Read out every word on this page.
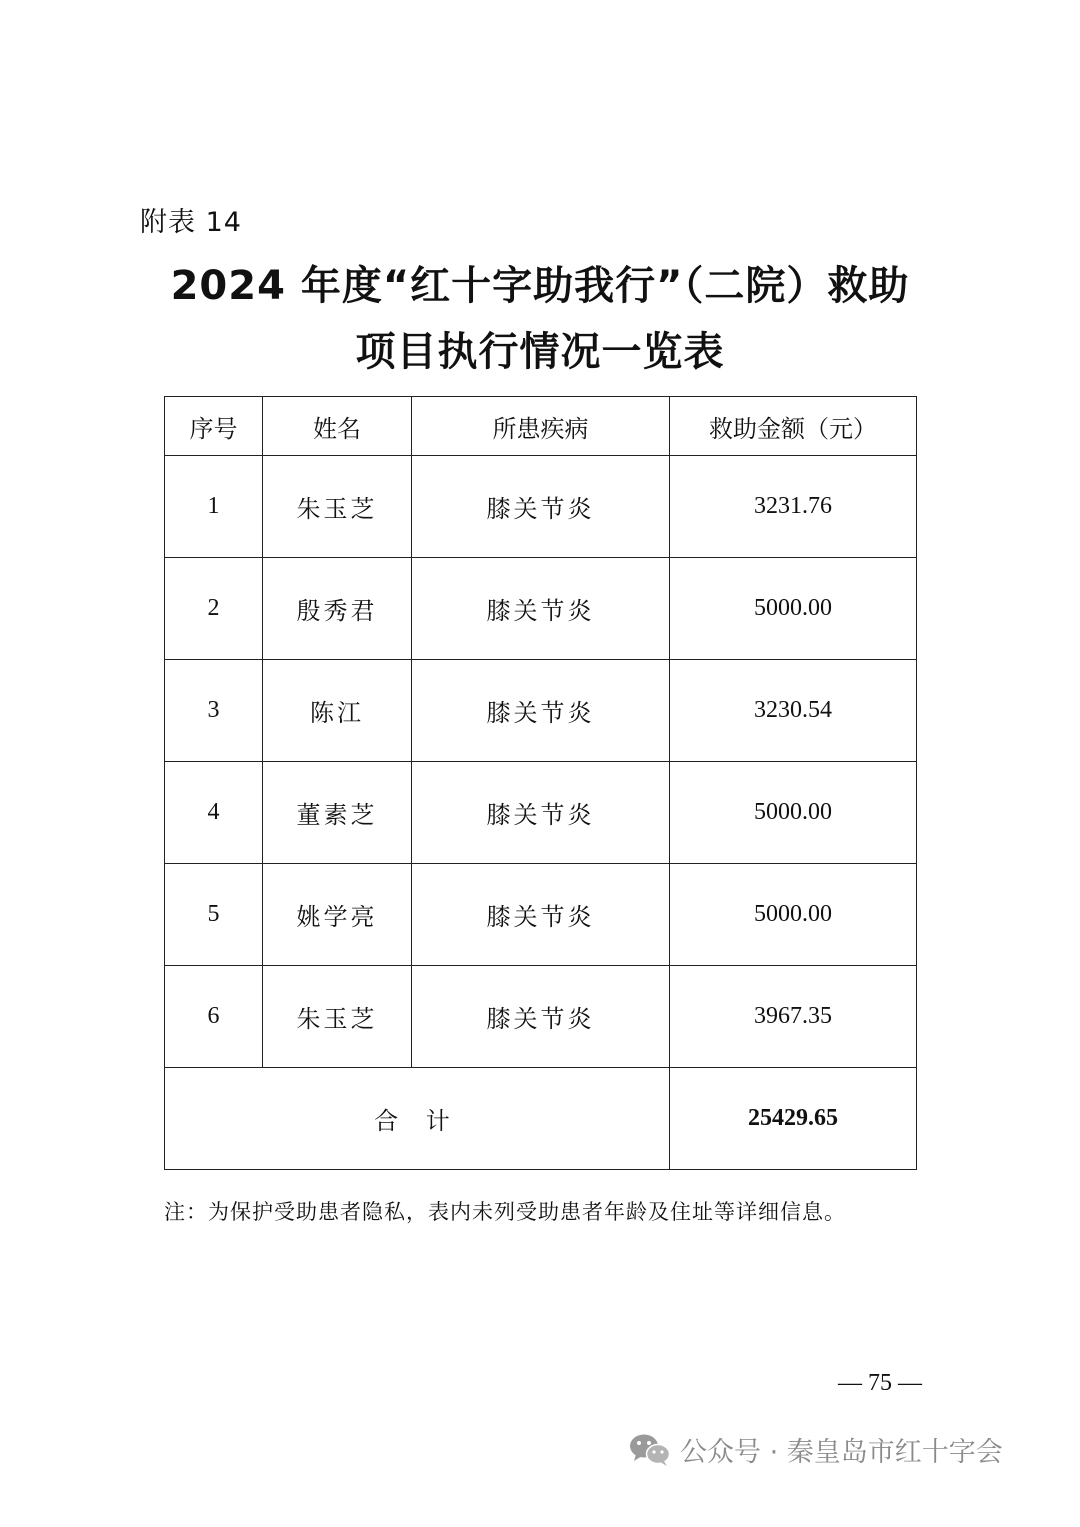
附表 14
2024 年度“红十字助我行”（二院）救助
项目执行情况一览表
序号	姓名	所患疾病	救助金额（元）
1	朱玉芝	膝关节炎	3231.76
2	殷秀君	膝关节炎	5000.00
3	陈江	膝关节炎	3230.54
4	董素芝	膝关节炎	5000.00
5	姚学亮	膝关节炎	5000.00
6	朱玉芝	膝关节炎	3967.35
合 计			25429.65
注：为保护受助患者隐私，表内未列受助患者年龄及住址等详细信息。
— 75 —
公众号 · 秦皇岛市红十字会
